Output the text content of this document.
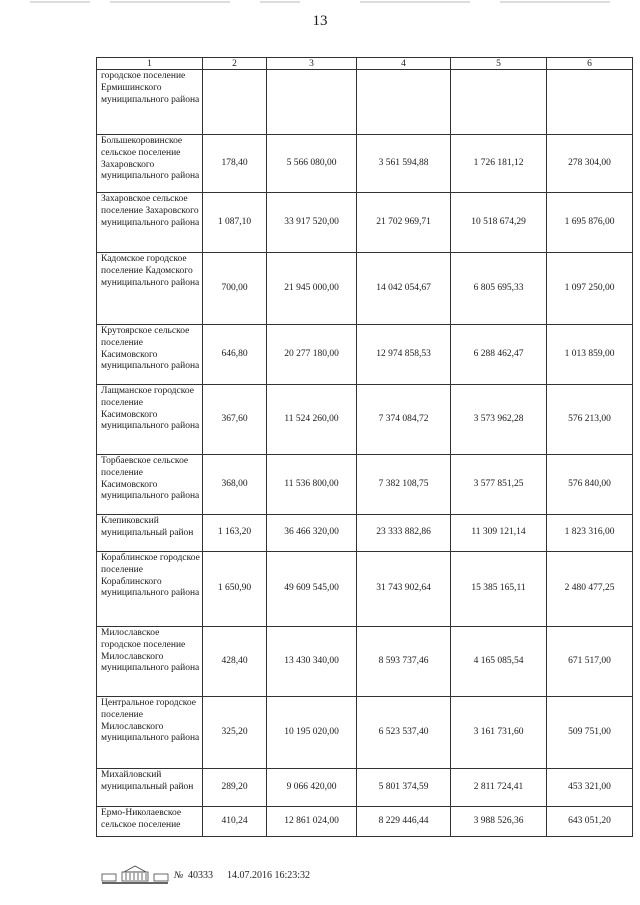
13
1	2	3	4	5	6
городское поселение Ермишинского муниципального района					
Большекоровинское сельское поселение Захаровского муниципального района	178,40	5 566 080,00	3 561 594,88	1 726 181,12	278 304,00
Захаровское сельское поселение Захаровского муниципального района	1 087,10	33 917 520,00	21 702 969,71	10 518 674,29	1 695 876,00
Кадомское городское поселение Кадомского муниципального района	700,00	21 945 000,00	14 042 054,67	6 805 695,33	1 097 250,00
Крутоярское сельское поселение Касимовского муниципального района	646,80	20 277 180,00	12 974 858,53	6 288 462,47	1 013 859,00
Лащманское городское поселение Касимовского муниципального района	367,60	11 524 260,00	7 374 084,72	3 573 962,28	576 213,00
Торбаевское сельское поселение Касимовского муниципального района	368,00	11 536 800,00	7 382 108,75	3 577 851,25	576 840,00
Клепиковский муниципальный район	1 163,20	36 466 320,00	23 333 882,86	11 309 121,14	1 823 316,00
Кораблинское городское поселение Кораблинского муниципального района	1 650,90	49 609 545,00	31 743 902,64	15 385 165,11	2 480 477,25
Милославское городское поселение Милославского муниципального района	428,40	13 430 340,00	8 593 737,46	4 165 085,54	671 517,00
Центральное городское поселение Милославского муниципального района	325,20	10 195 020,00	6 523 537,40	3 161 731,60	509 751,00
Михайловский муниципальный район	289,20	9 066 420,00	5 801 374,59	2 811 724,41	453 321,00
Ермо-Николаевское сельское поселение	410,24	12 861 024,00	8 229 446,44	3 988 526,36	643 051,20
№ 40333 14.07.2016 16:23:32
